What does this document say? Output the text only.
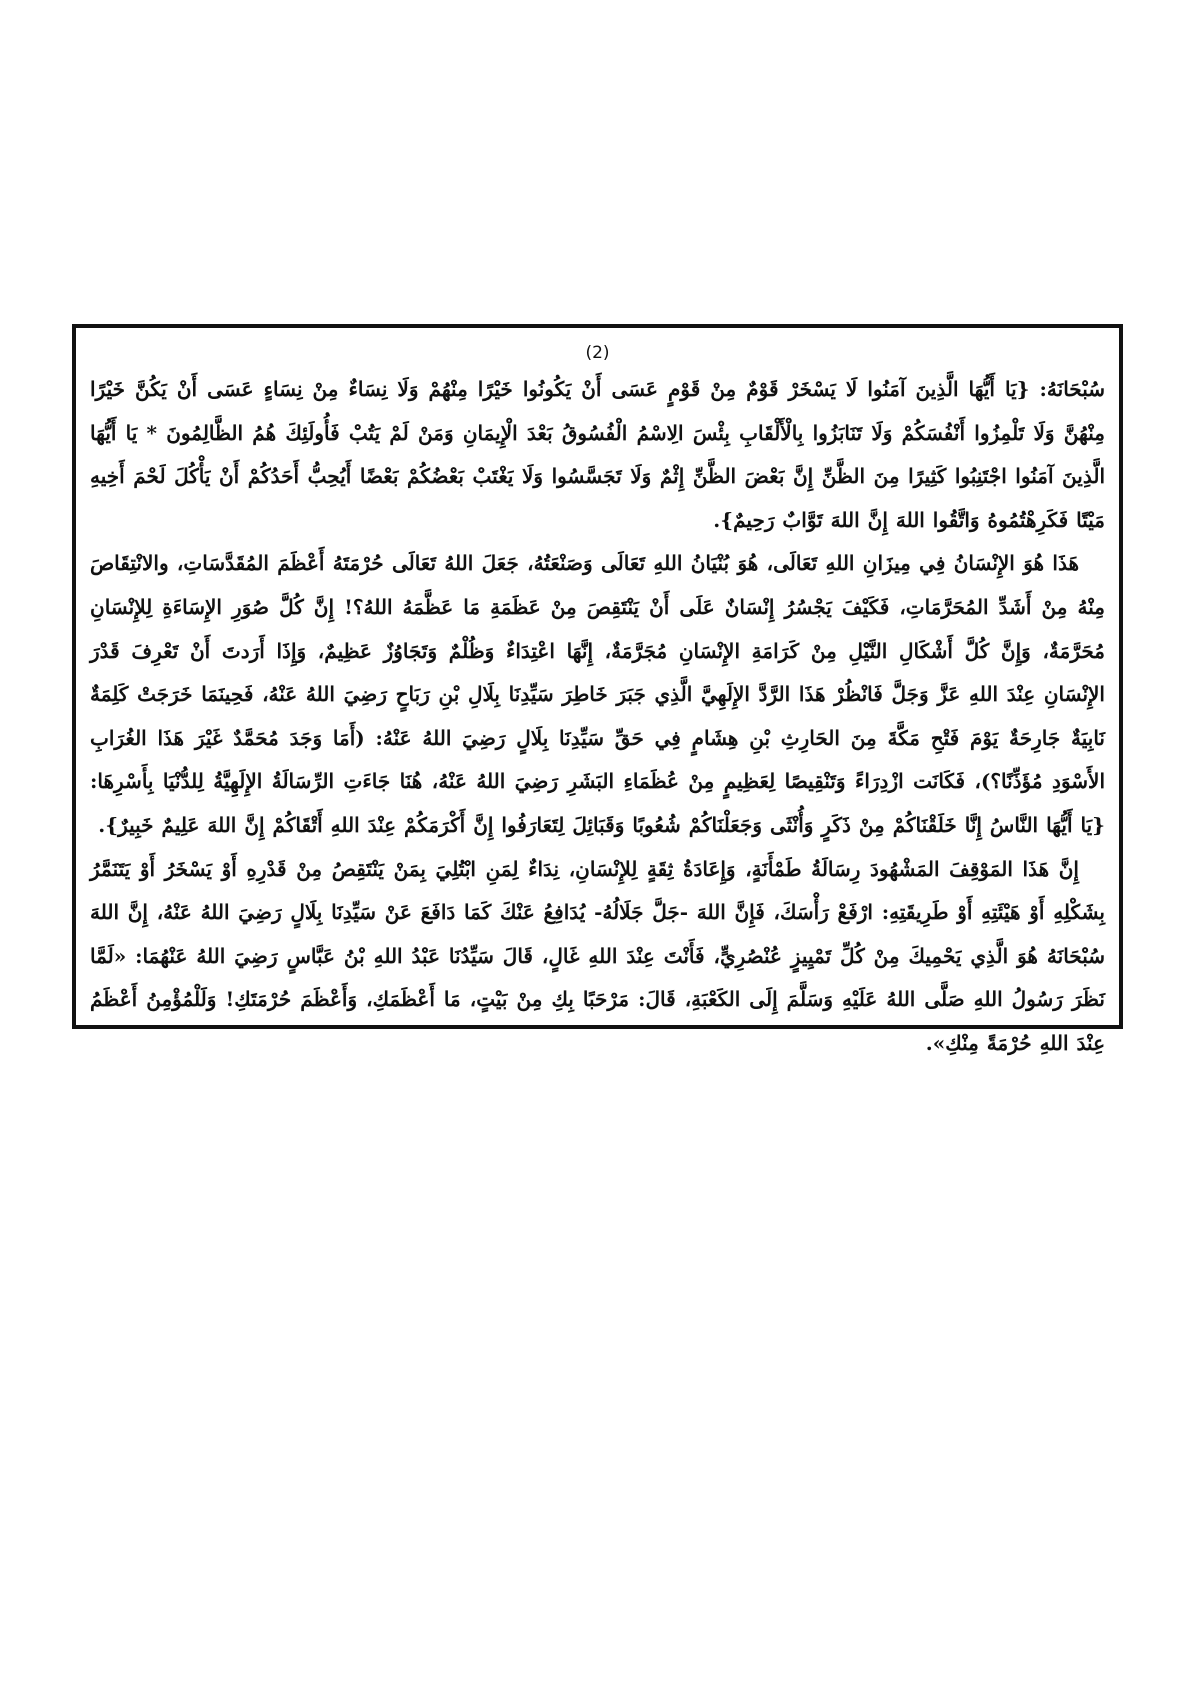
(2)

سُبْحَانَهُ: {يَا أَيُّهَا الَّذِينَ آمَنُوا لَا يَسْخَرْ قَوْمٌ مِنْ قَوْمٍ عَسَى أَنْ يَكُونُوا خَيْرًا مِنْهُمْ وَلَا نِسَاءٌ مِنْ نِسَاءٍ عَسَى أَنْ يَكُنَّ خَيْرًا مِنْهُنَّ وَلَا تَلْمِزُوا أَنْفُسَكُمْ وَلَا تَنَابَزُوا بِالْأَلْقَابِ بِئْسَ الِاسْمُ الْفُسُوقُ بَعْدَ الْإِيمَانِ وَمَنْ لَمْ يَتُبْ فَأُولَئِكَ هُمُ الظَّالِمُونَ * يَا أَيُّهَا الَّذِينَ آمَنُوا اجْتَنِبُوا كَثِيرًا مِنَ الظَّنِّ إِنَّ بَعْضَ الظَّنِّ إِثْمٌ وَلَا تَجَسَّسُوا وَلَا يَغْتَبْ بَعْضُكُمْ بَعْضًا أَيُحِبُّ أَحَدُكُمْ أَنْ يَأْكُلَ لَحْمَ أَخِيهِ مَيْتًا فَكَرِهْتُمُوهُ وَاتَّقُوا اللهَ إِنَّ اللهَ تَوَّابٌ رَحِيمٌ}.

هَذَا هُوَ الإِنْسَانُ فِي مِيزَانِ اللهِ تَعَالَى، هُوَ بُنْيَانُ اللهِ تَعَالَى وَصَنْعَتُهُ، جَعَلَ اللهُ تَعَالَى حُرْمَتَهُ أَعْظَمَ المُقَدَّسَاتِ، والانْتِقَاصَ مِنْهُ مِنْ أَشَدِّ المُحَرَّمَاتِ، فَكَيْفَ يَجْسُرُ إِنْسَانٌ عَلَى أَنْ يَنْتَقِصَ مِنْ عَظَمَةِ مَا عَظَّمَهُ اللهُ؟! إِنَّ كُلَّ صُوَرِ الإِسَاءَةِ لِلإِنْسَانِ مُحَرَّمَةٌ، وَإِنَّ كُلَّ أَشْكَالِ النَّيْلِ مِنْ كَرَامَةِ الإِنْسَانِ مُجَرَّمَةٌ، إِنَّهَا اعْتِدَاءٌ وَظُلْمٌ وَتَجَاوُزٌ عَظِيمٌ، وَإِذَا أَرَدتَ أَنْ تَعْرِفَ قَدْرَ الإِنْسَانِ عِنْدَ اللهِ عَزَّ وَجَلَّ فَانْظُرْ هَذَا الرَّدَّ الإِلَهِيَّ الَّذِي جَبَرَ خَاطِرَ سَيِّدِنَا بِلَالِ بْنِ رَبَاحٍ رَضِيَ اللهُ عَنْهُ، فَحِينَمَا خَرَجَتْ كَلِمَةٌ نَابِيَةٌ جَارِحَةٌ يَوْمَ فَتْحِ مَكَّةَ مِنَ الحَارِثِ بْنِ هِشَامٍ فِي حَقِّ سَيِّدِنَا بِلَالٍ رَضِيَ اللهُ عَنْهُ: (أَمَا وَجَدَ مُحَمَّدٌ غَيْرَ هَذَا الغُرَابِ الأَسْوَدِ مُؤَذِّنًا؟)، فَكَانَت ازْدِرَاءً وَتَنْقِيصًا لِعَظِيمٍ مِنْ عُظَمَاءِ البَشَرِ رَضِيَ اللهُ عَنْهُ، هُنَا جَاءَتِ الرِّسَالَةُ الإِلَهِيَّةُ لِلدُّنْيَا بِأَسْرِهَا: {يَا أَيُّهَا النَّاسُ إِنَّا خَلَقْنَاكُمْ مِنْ ذَكَرٍ وَأُنْثَى وَجَعَلْنَاكُمْ شُعُوبًا وَقَبَائِلَ لِتَعَارَفُوا إِنَّ أَكْرَمَكُمْ عِنْدَ اللهِ أَتْقَاكُمْ إِنَّ اللهَ عَلِيمٌ خَبِيرٌ}.

إِنَّ هَذَا المَوْقِفَ المَشْهُودَ رِسَالَةُ طَمْأَنَةٍ، وَإِعَادَةُ ثِقَةٍ لِلإِنْسَانِ، نِدَاءٌ لِمَنِ ابْتُلِيَ بِمَنْ يَنْتَقِصُ مِنْ قَدْرِهِ أَوْ يَسْخَرُ أَوْ يَتَنَمَّرُ بِشَكْلِهِ أَوْ هَيْئَتِهِ أَوْ طَرِيقَتِهِ: ارْفَعْ رَأْسَكَ، فَإِنَّ اللهَ -جَلَّ جَلَالُهُ- يُدَافِعُ عَنْكَ كَمَا دَافَعَ عَنْ سَيِّدِنَا بِلَالٍ رَضِيَ اللهُ عَنْهُ، إِنَّ اللهَ سُبْحَانَهُ هُوَ الَّذِي يَحْمِيكَ مِنْ كُلِّ تَمْيِيزٍ عُنْصُرِيٍّ، فَأَنْتَ عِنْدَ اللهِ غَالٍ، قَالَ سَيِّدُنَا عَبْدُ اللهِ بْنُ عَبَّاسٍ رَضِيَ اللهُ عَنْهُمَا: «لَمَّا نَظَرَ رَسُولُ اللهِ صَلَّى اللهُ عَلَيْهِ وَسَلَّمَ إِلَى الكَعْبَةِ، قَالَ: مَرْحَبًا بِكِ مِنْ بَيْتٍ، مَا أَعْظَمَكِ، وَأَعْظَمَ حُرْمَتَكِ! وَلَلْمُؤْمِنُ أَعْظَمُ عِنْدَ اللهِ حُرْمَةً مِنْكِ».
